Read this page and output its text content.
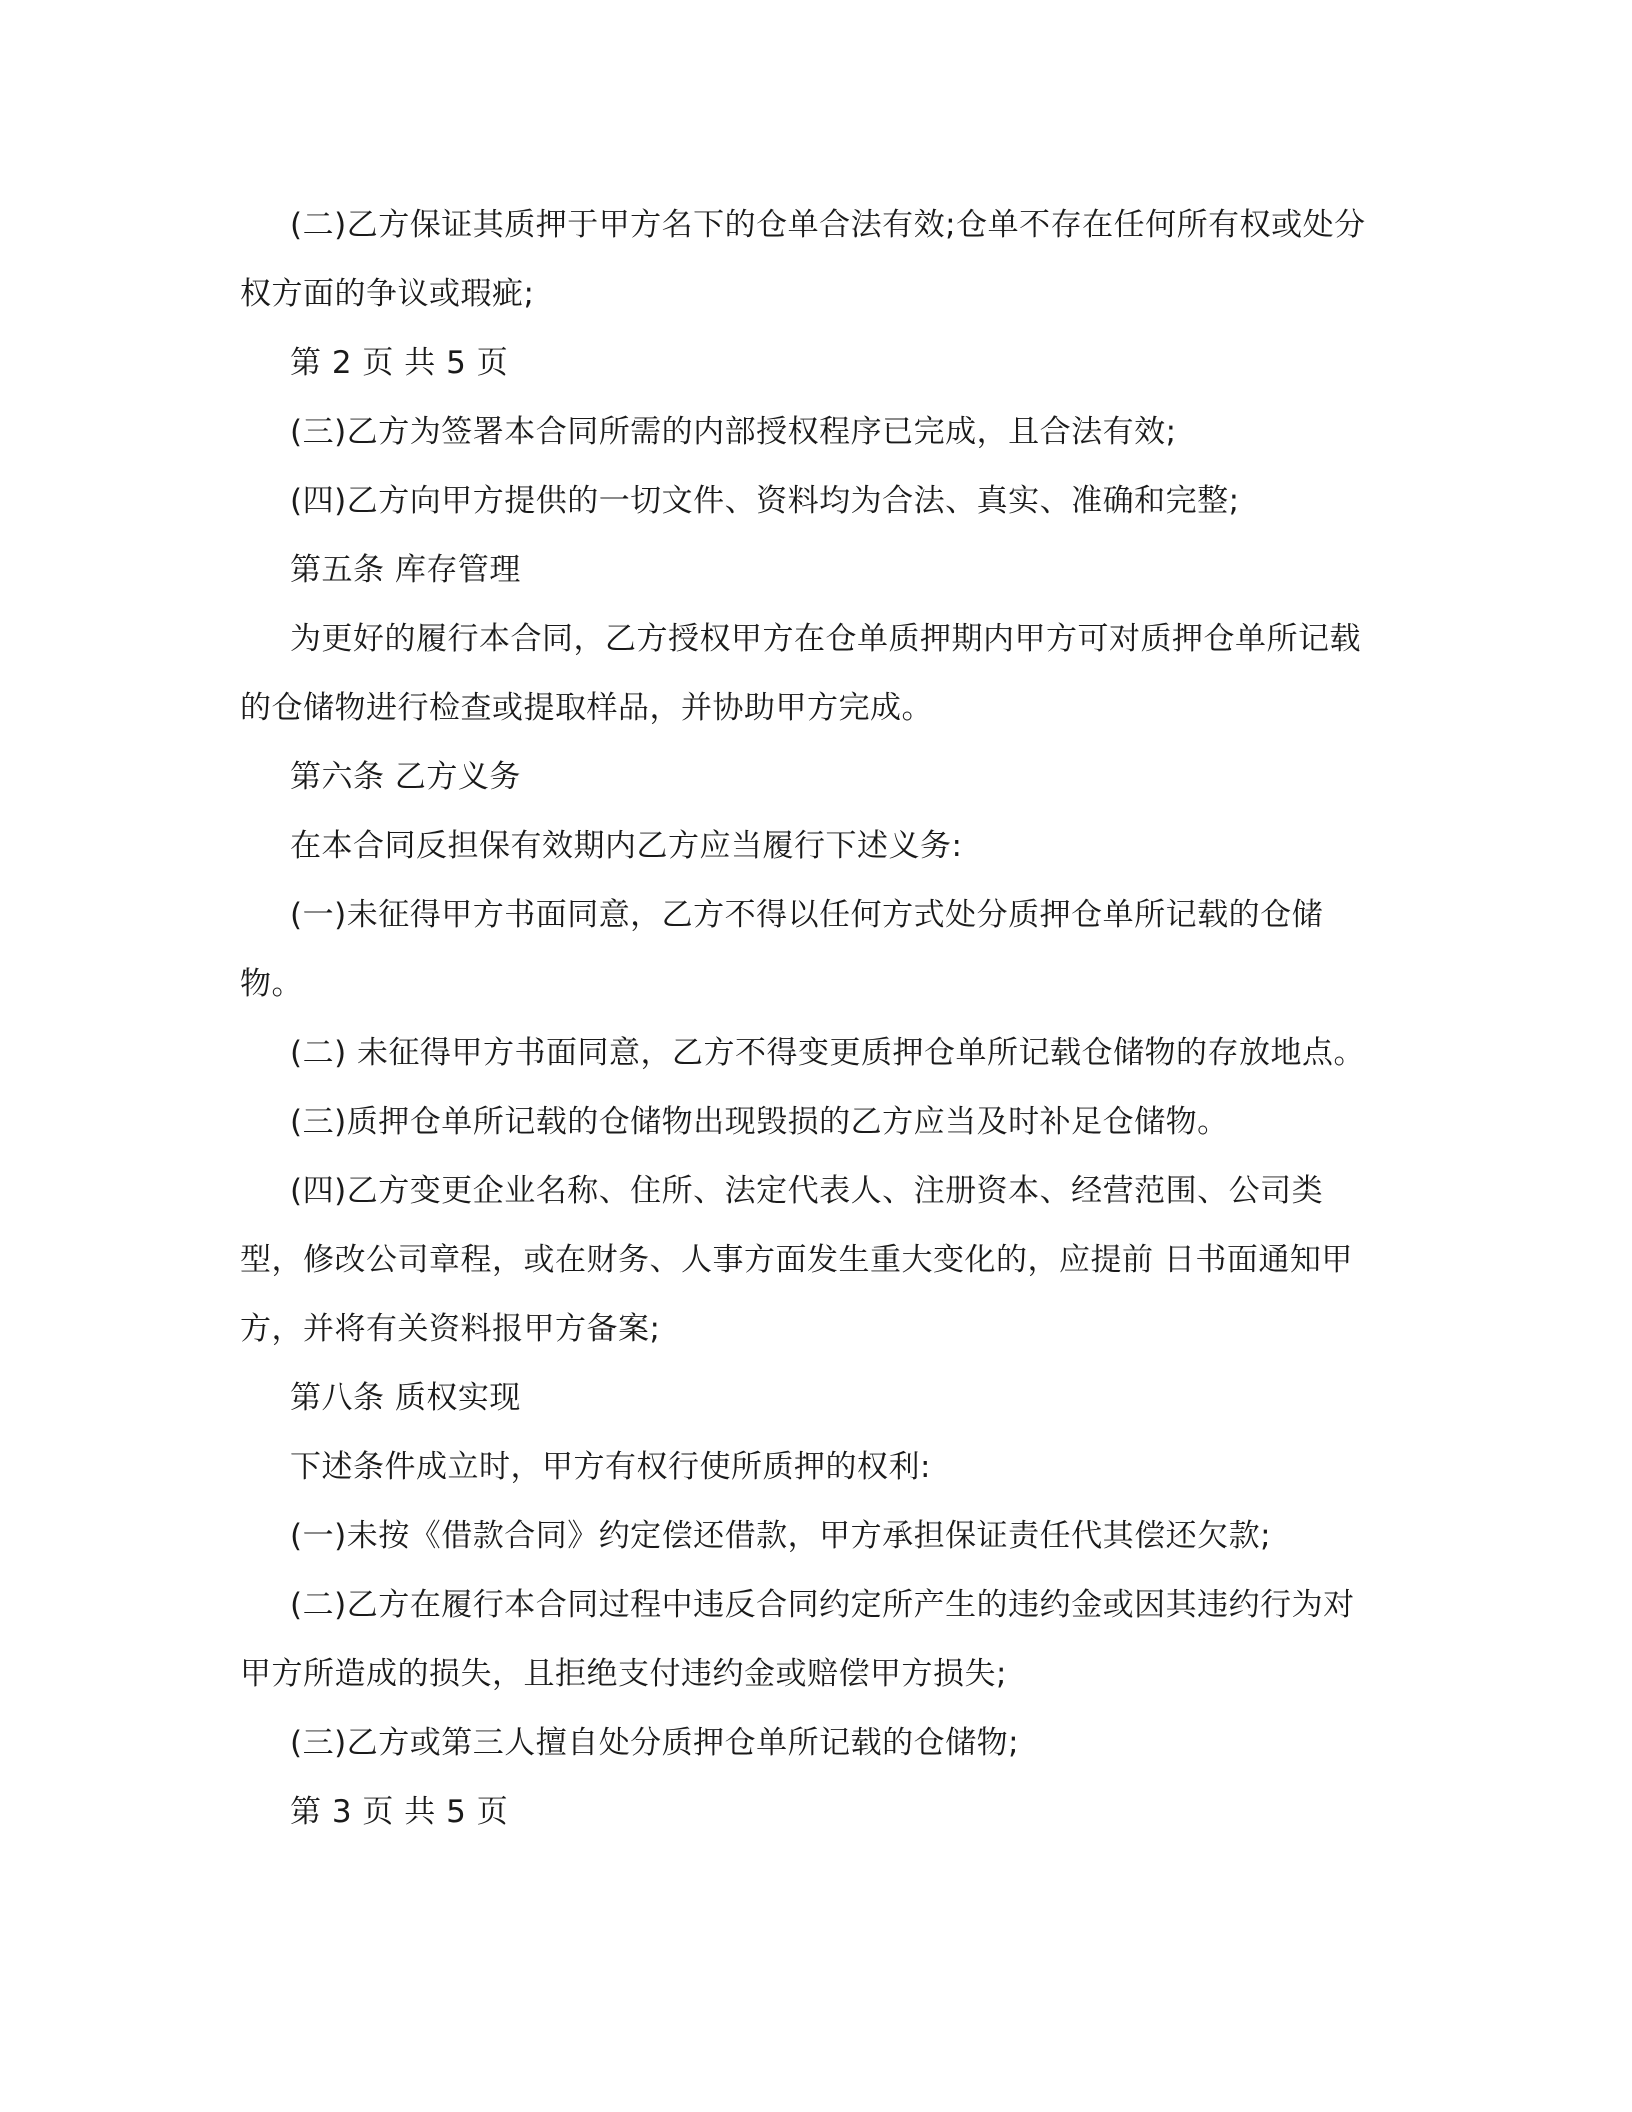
(二)乙方保证其质押于甲方名下的仓单合法有效;仓单不存在任何所有权或处分
权方面的争议或瑕疵;
第 2 页 共 5 页
(三)乙方为签署本合同所需的内部授权程序已完成，且合法有效;
(四)乙方向甲方提供的一切文件、资料均为合法、真实、准确和完整;
第五条 库存管理
为更好的履行本合同，乙方授权甲方在仓单质押期内甲方可对质押仓单所记载
的仓储物进行检查或提取样品，并协助甲方完成。
第六条 乙方义务
在本合同反担保有效期内乙方应当履行下述义务:
(一)未征得甲方书面同意，乙方不得以任何方式处分质押仓单所记载的仓储
物。
(二) 未征得甲方书面同意，乙方不得变更质押仓单所记载仓储物的存放地点。
(三)质押仓单所记载的仓储物出现毁损的乙方应当及时补足仓储物。
(四)乙方变更企业名称、住所、法定代表人、注册资本、经营范围、公司类
型，修改公司章程，或在财务、人事方面发生重大变化的，应提前 日书面通知甲
方，并将有关资料报甲方备案;
第八条 质权实现
下述条件成立时，甲方有权行使所质押的权利:
(一)未按《借款合同》约定偿还借款，甲方承担保证责任代其偿还欠款;
(二)乙方在履行本合同过程中违反合同约定所产生的违约金或因其违约行为对
甲方所造成的损失，且拒绝支付违约金或赔偿甲方损失;
(三)乙方或第三人擅自处分质押仓单所记载的仓储物;
第 3 页 共 5 页
